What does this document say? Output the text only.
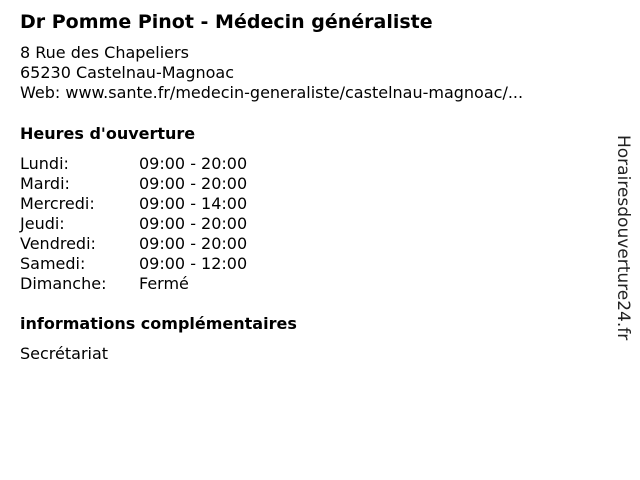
Dr Pomme Pinot - Médecin généraliste
8 Rue des Chapeliers
65230 Castelnau-Magnoac
Web: www.sante.fr/medecin-generaliste/castelnau-magnoac/...
Heures d'ouverture
Lundi:	09:00 - 20:00
Mardi:	09:00 - 20:00
Mercredi:	09:00 - 14:00
Jeudi:	09:00 - 20:00
Vendredi:	09:00 - 20:00
Samedi:	09:00 - 12:00
Dimanche: Fermé
informations complémentaires
Secrétariat
Horairesdouverture24.fr
